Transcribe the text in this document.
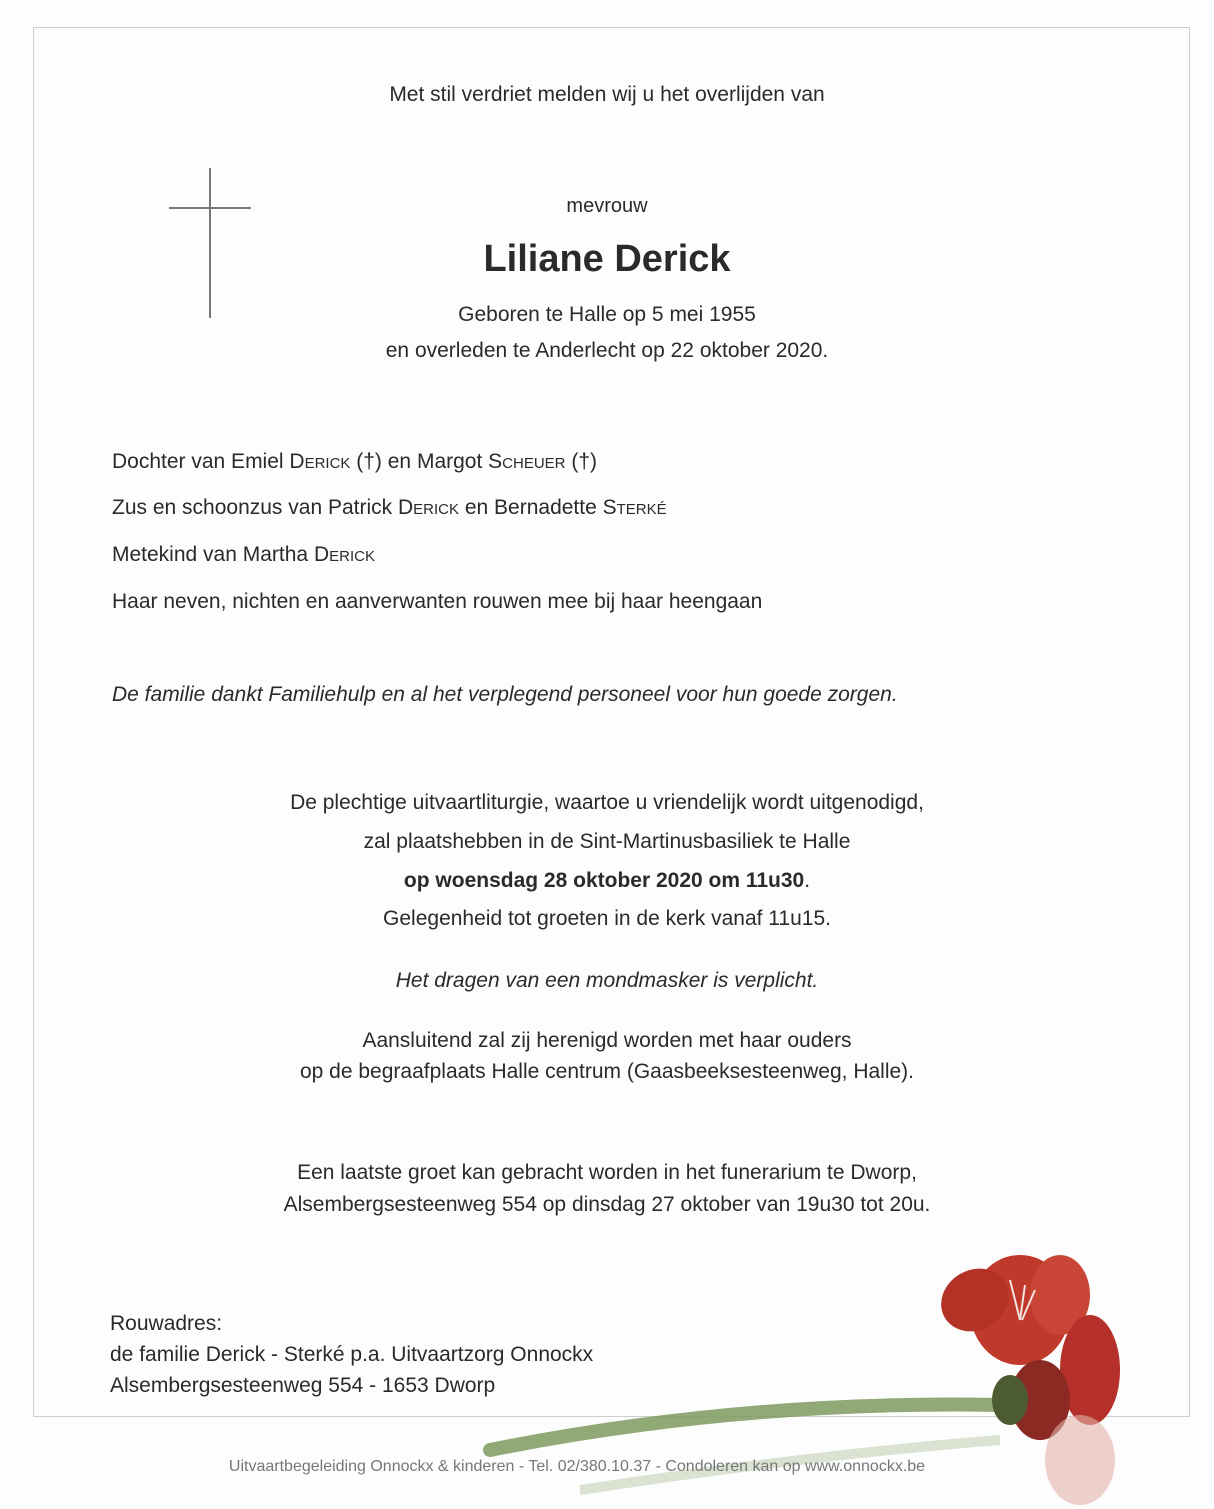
Met stil verdriet melden wij u het overlijden van
mevrouw
Liliane Derick
Geboren te Halle op 5 mei 1955
en overleden te Anderlecht op 22 oktober 2020.
Dochter van Emiel Derick (†) en Margot Scheuer (†)
Zus en schoonzus van Patrick Derick en Bernadette Sterké
Metekind van Martha Derick
Haar neven, nichten en aanverwanten rouwen mee bij haar heengaan
De familie dankt Familiehulp en al het verplegend personeel voor hun goede zorgen.
De plechtige uitvaartliturgie, waartoe u vriendelijk wordt uitgenodigd,
zal plaatshebben in de Sint-Martinusbasiliek te Halle
op woensdag 28 oktober 2020 om 11u30.
Gelegenheid tot groeten in de kerk vanaf 11u15.
Het dragen van een mondmasker is verplicht.
Aansluitend zal zij herenigd worden met haar ouders
op de begraafplaats Halle centrum (Gaasbeeksesteenweg, Halle).
Een laatste groet kan gebracht worden in het funerarium te Dworp,
Alsembergsesteenweg 554 op dinsdag 27 oktober van 19u30 tot 20u.
Rouwadres:
de familie Derick - Sterké p.a. Uitvaartzorg Onnockx
Alsembergsesteenweg 554 - 1653 Dworp
Uitvaartbegeleiding Onnockx & kinderen - Tel. 02/380.10.37 - Condoleren kan op www.onnockx.be
